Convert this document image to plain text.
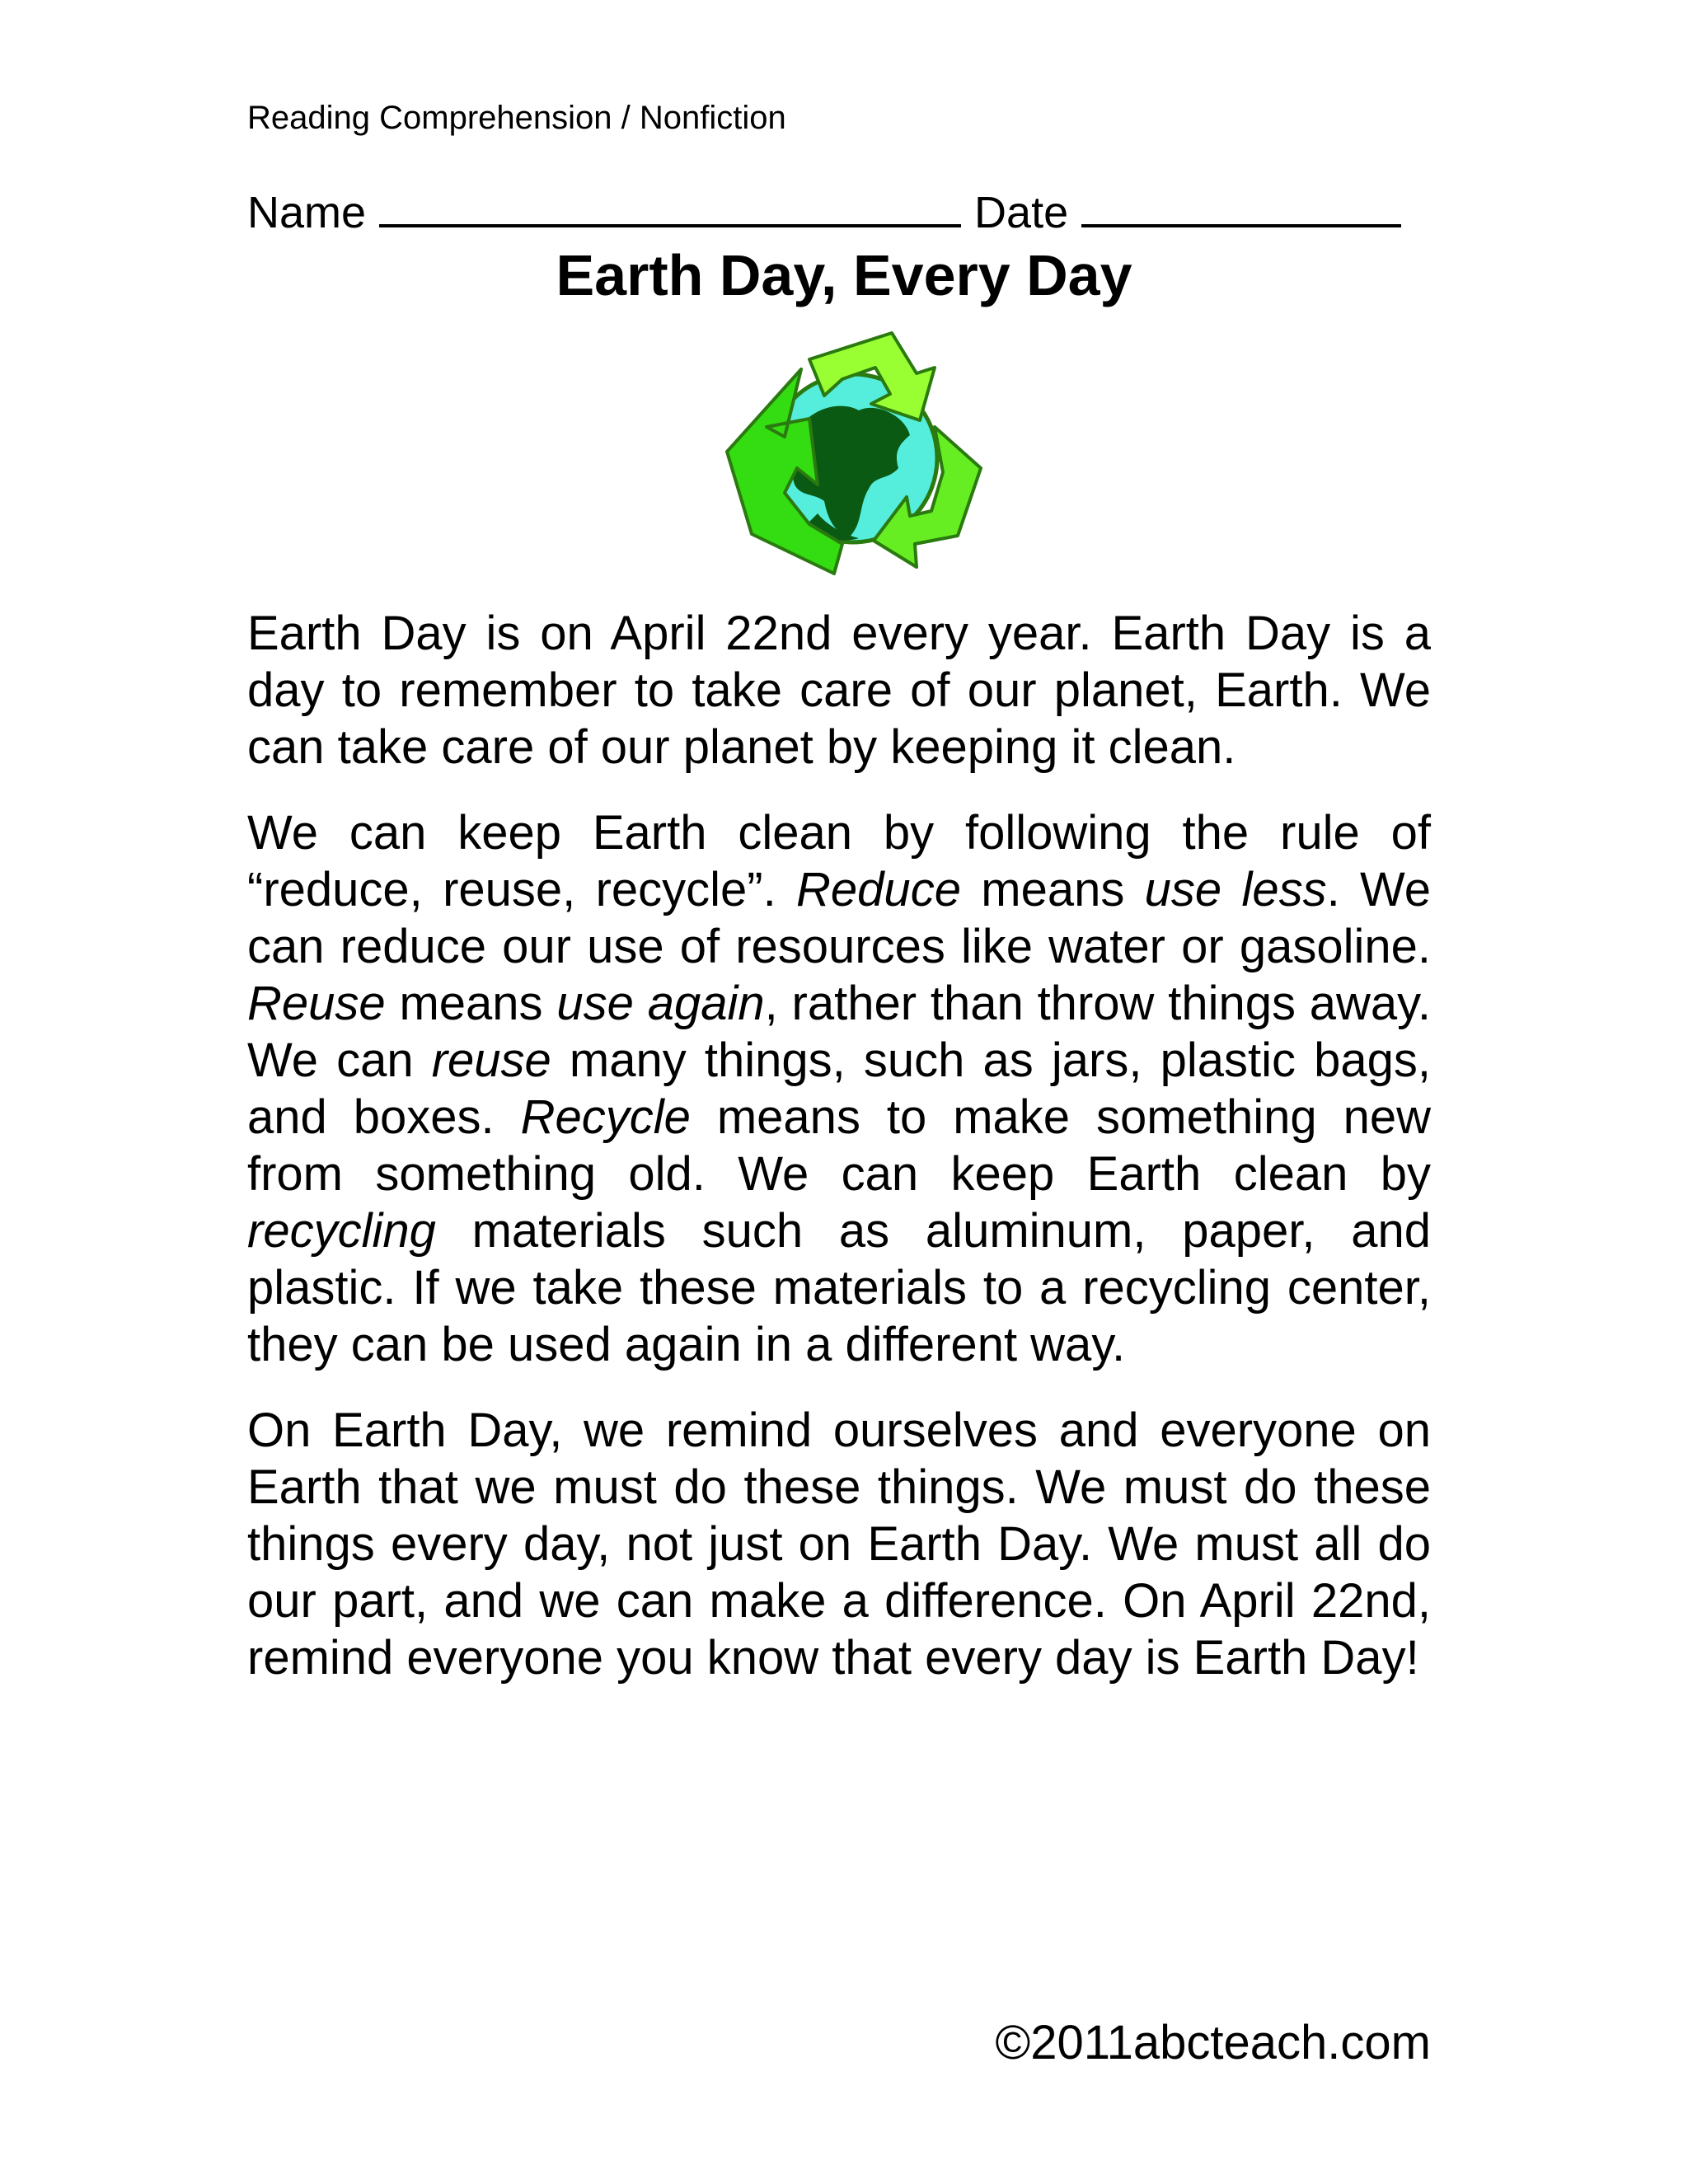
Reading Comprehension / Nonfiction
Name	Date
Earth Day, Every Day

Earth Day is on April 22nd every year. Earth Day is a day to remember to take care of our planet, Earth. We can take care of our planet by keeping it clean.

We can keep Earth clean by following the rule of “reduce, reuse, recycle”. Reduce means use less. We can reduce our use of resources like water or gasoline. Reuse means use again, rather than throw things away. We can reuse many things, such as jars, plastic bags, and boxes. Recycle means to make something new from something old. We can keep Earth clean by recycling materials such as aluminum, paper, and plastic. If we take these materials to a recycling center, they can be used again in a different way.

On Earth Day, we remind ourselves and everyone on Earth that we must do these things. We must do these things every day, not just on Earth Day. We must all do our part, and we can make a difference. On April 22nd, remind everyone you know that every day is Earth Day!

©2011abcteach.com
